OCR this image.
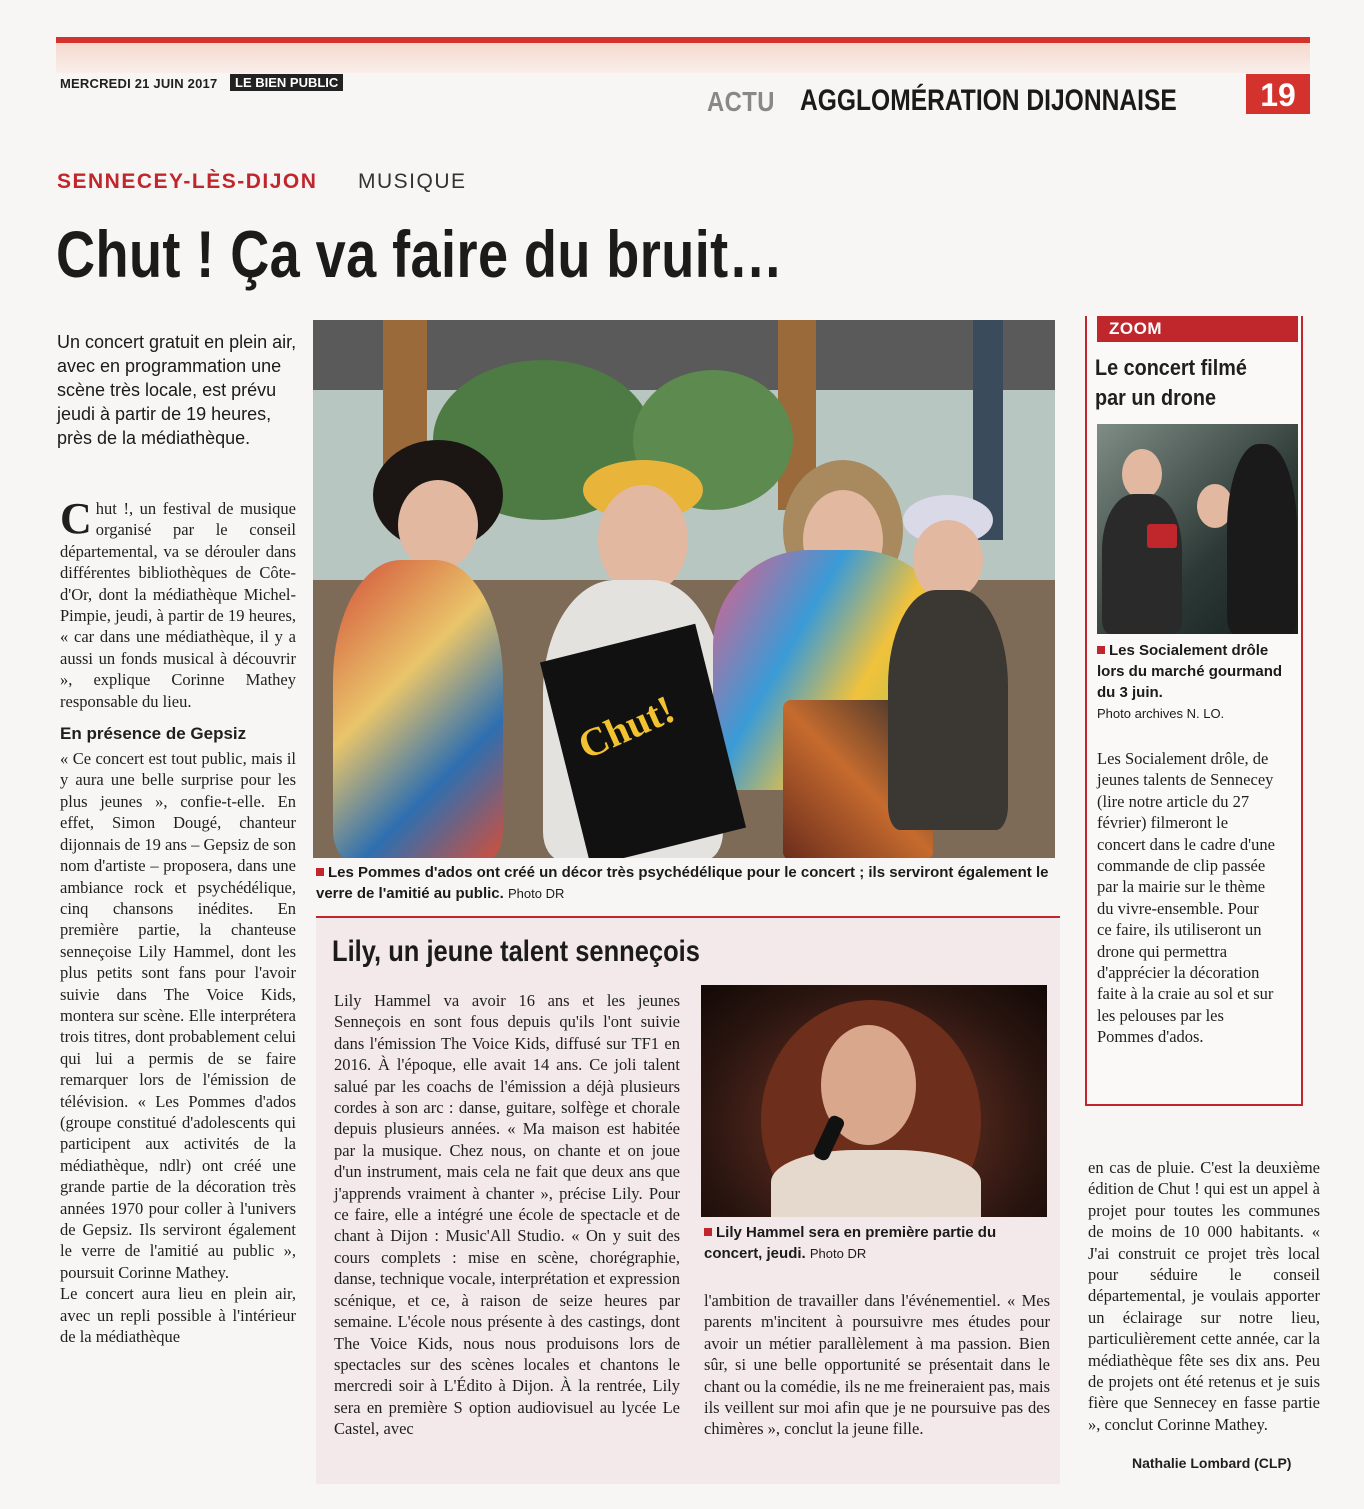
MERCREDI 21 JUIN 2017	LE BIEN PUBLIC
ACTU AGGLOMÉRATION DIJONNAISE	19
SENNECEY-LÈS-DIJON MUSIQUE
Chut ! Ça va faire du bruit…
Un concert gratuit en plein air, avec en programmation une scène très locale, est prévu jeudi à partir de 19 heures, près de la médiathèque.
C hut !, un festival de musique organisé par le conseil départemental, va se dérouler dans différentes bibliothèques de Côte-d'Or, dont la médiathèque Michel-Pimpie, jeudi, à partir de 19 heures, « car dans une médiathèque, il y a aussi un fonds musical à découvrir », explique Corinne Mathey responsable du lieu.

En présence de Gepsiz

« Ce concert est tout public, mais il y aura une belle surprise pour les plus jeunes », confie-t-elle. En effet, Simon Dougé, chanteur dijonnais de 19 ans – Gepsiz de son nom d'artiste – proposera, dans une ambiance rock et psychédélique, cinq chansons inédites. En première partie, la chanteuse senneçoise Lily Hammel, dont les plus petits sont fans pour l'avoir suivie dans The Voice Kids, montera sur scène. Elle interprétera trois titres, dont probablement celui qui lui a permis de se faire remarquer lors de l'émission de télévision. « Les Pommes d'ados (groupe constitué d'adolescents qui participent aux activités de la médiathèque, ndlr) ont créé une grande partie de la décoration très années 1970 pour coller à l'univers de Gepsiz. Ils serviront également le verre de l'amitié au public », poursuit Corinne Mathey.

Le concert aura lieu en plein air, avec un repli possible à l'intérieur de la médiathèque

Chut!
Les Pommes d'ados ont créé un décor très psychédélique pour le concert ; ils serviront également le verre de l'amitié au public. Photo DR
Lily, un jeune talent senneçois

Lily Hammel va avoir 16 ans et les jeunes Senneçois en sont fous depuis qu'ils l'ont suivie dans l'émission The Voice Kids, diffusé sur TF1 en 2016. À l'époque, elle avait 14 ans. Ce joli talent salué par les coachs de l'émission a déjà plusieurs cordes à son arc : danse, guitare, solfège et chorale depuis plusieurs années. « Ma maison est habitée par la musique. Chez nous, on chante et on joue d'un instrument, mais cela ne fait que deux ans que j'apprends vraiment à chanter », précise Lily. Pour ce faire, elle a intégré une école de spectacle et de chant à Dijon : Music'All Studio. « On y suit des cours complets : mise en scène, chorégraphie, danse, technique vocale, interprétation et expression scénique, et ce, à raison de seize heures par semaine. L'école nous présente à des castings, dont The Voice Kids, nous nous produisons lors de spectacles sur des scènes locales et chantons le mercredi soir à L'Édito à Dijon. À la rentrée, Lily sera en première S option audiovisuel au lycée Le Castel, avec

Lily Hammel sera en première partie du concert, jeudi. Photo DR

l'ambition de travailler dans l'événementiel. « Mes parents m'incitent à poursuivre mes études pour avoir un métier parallèlement à ma passion. Bien sûr, si une belle opportunité se présentait dans le chant ou la comédie, ils ne me freineraient pas, mais ils veillent sur moi afin que je ne poursuive pas des chimères », conclut la jeune fille.

ZOOM
Le concert filmé par un drone
Les Socialement drôle lors du marché gourmand du 3 juin.
Photo archives N. LO.
Les Socialement drôle, de jeunes talents de Sennecey (lire notre article du 27 février) filmeront le concert dans le cadre d'une commande de clip passée par la mairie sur le thème du vivre-ensemble. Pour ce faire, ils utiliseront un drone qui permettra d'apprécier la décoration faite à la craie au sol et sur les pelouses par les Pommes d'ados.

en cas de pluie. C'est la deuxième édition de Chut ! qui est un appel à projet pour toutes les communes de moins de 10 000 habitants. « J'ai construit ce projet très local pour séduire le conseil départemental, je voulais apporter un éclairage sur notre lieu, particulièrement cette année, car la médiathèque fête ses dix ans. Peu de projets ont été retenus et je suis fière que Sennecey en fasse partie », conclut Corinne Mathey.

Nathalie Lombard (CLP)
